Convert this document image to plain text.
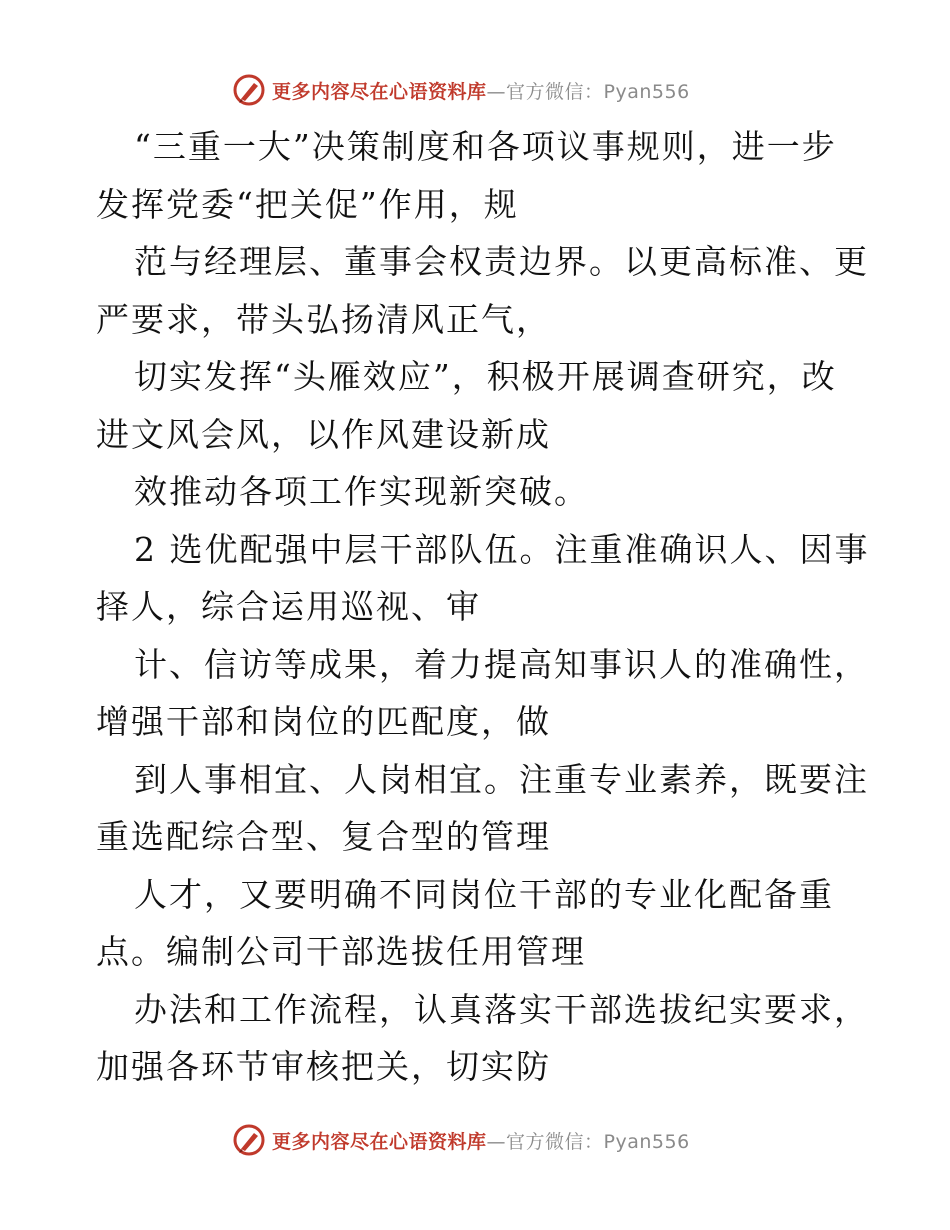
更多内容尽在心语资料库—官方微信：Pyan556
“三重一大”决策制度和各项议事规则，进一步
发挥党委“把关促”作用，规
范与经理层、董事会权责边界。以更高标准、更
严要求，带头弘扬清风正气，
切实发挥“头雁效应”，积极开展调查研究，改
进文风会风，以作风建设新成
效推动各项工作实现新突破。
2 选优配强中层干部队伍。注重准确识人、因事
择人，综合运用巡视、审
计、信访等成果，着力提高知事识人的准确性，
增强干部和岗位的匹配度，做
到人事相宜、人岗相宜。注重专业素养，既要注
重选配综合型、复合型的管理
人才，又要明确不同岗位干部的专业化配备重
点。编制公司干部选拔任用管理
办法和工作流程，认真落实干部选拔纪实要求，
加强各环节审核把关，切实防
更多内容尽在心语资料库—官方微信：Pyan556
